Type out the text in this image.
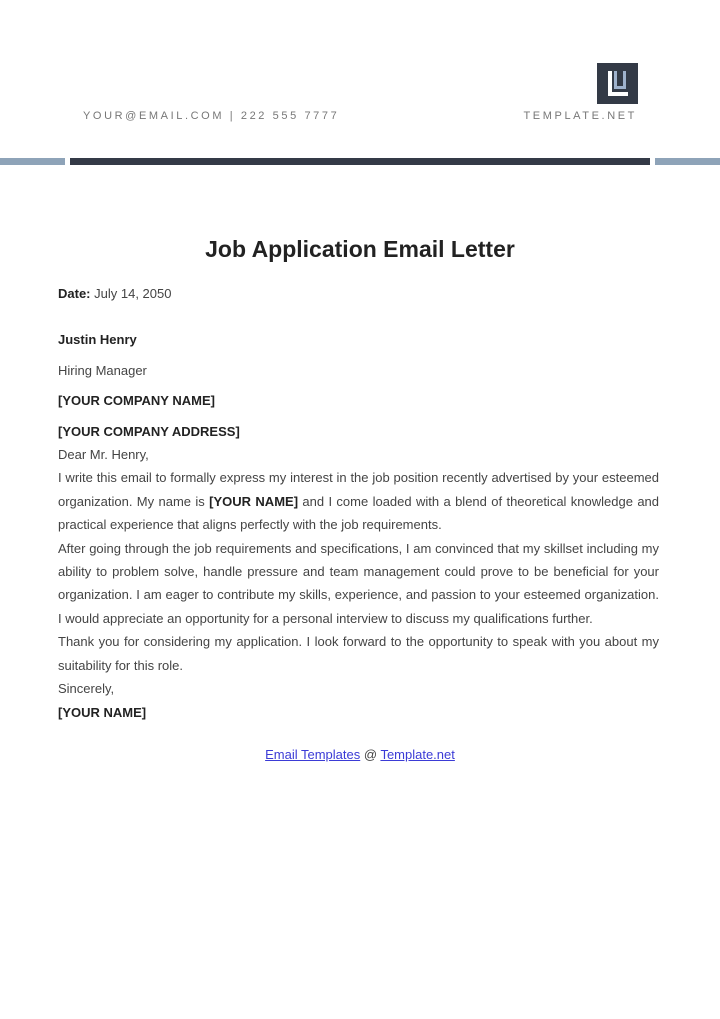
YOUR@EMAIL.COM | 222 555 7777	TEMPLATE.NET
Job Application Email Letter

Date: July 14, 2050

Justin Henry

Hiring Manager

[YOUR COMPANY NAME]

[YOUR COMPANY ADDRESS]

Dear Mr. Henry,

I write this email to formally express my interest in the job position recently advertised by your esteemed organization. My name is [YOUR NAME] and I come loaded with a blend of theoretical knowledge and practical experience that aligns perfectly with the job requirements.

After going through the job requirements and specifications, I am convinced that my skillset including my ability to problem solve, handle pressure and team management could prove to be beneficial for your organization. I am eager to contribute my skills, experience, and passion to your esteemed organization. I would appreciate an opportunity for a personal interview to discuss my qualifications further.

Thank you for considering my application. I look forward to the opportunity to speak with you about my suitability for this role.

Sincerely,

[YOUR NAME]

Email Templates @ Template.net
